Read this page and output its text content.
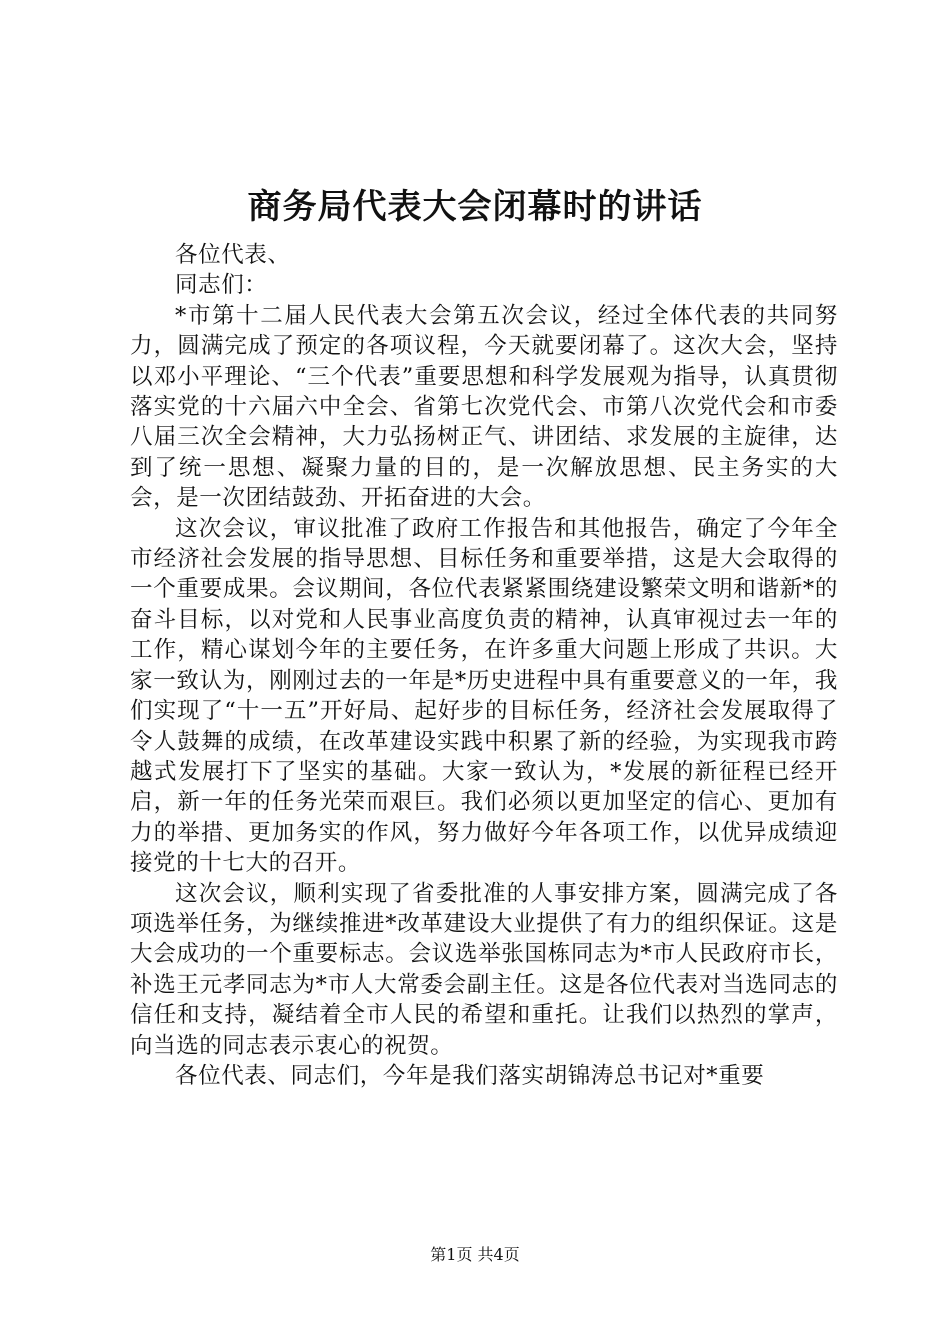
商务局代表大会闭幕时的讲话

各位代表、

同志们：

*市第十二届人民代表大会第五次会议，经过全体代表的共同努力，圆满完成了预定的各项议程，今天就要闭幕了。这次大会，坚持以邓小平理论、“三个代表”重要思想和科学发展观为指导，认真贯彻落实党的十六届六中全会、省第七次党代会、市第八次党代会和市委八届三次全会精神，大力弘扬树正气、讲团结、求发展的主旋律，达到了统一思想、凝聚力量的目的，是一次解放思想、民主务实的大会，是一次团结鼓劲、开拓奋进的大会。

这次会议，审议批准了政府工作报告和其他报告，确定了今年全市经济社会发展的指导思想、目标任务和重要举措，这是大会取得的一个重要成果。会议期间，各位代表紧紧围绕建设繁荣文明和谐新*的奋斗目标，以对党和人民事业高度负责的精神，认真审视过去一年的工作，精心谋划今年的主要任务，在许多重大问题上形成了共识。大家一致认为，刚刚过去的一年是*历史进程中具有重要意义的一年，我们实现了“十一五”开好局、起好步的目标任务，经济社会发展取得了令人鼓舞的成绩，在改革建设实践中积累了新的经验，为实现我市跨越式发展打下了坚实的基础。大家一致认为，*发展的新征程已经开启，新一年的任务光荣而艰巨。我们必须以更加坚定的信心、更加有力的举措、更加务实的作风，努力做好今年各项工作，以优异成绩迎接党的十七大的召开。

这次会议，顺利实现了省委批准的人事安排方案，圆满完成了各项选举任务，为继续推进*改革建设大业提供了有力的组织保证。这是大会成功的一个重要标志。会议选举张国栋同志为*市人民政府市长，补选王元孝同志为*市人大常委会副主任。这是各位代表对当选同志的信任和支持，凝结着全市人民的希望和重托。让我们以热烈的掌声，向当选的同志表示衷心的祝贺。

各位代表、同志们，今年是我们落实胡锦涛总书记对*重要

第1页 共4页
